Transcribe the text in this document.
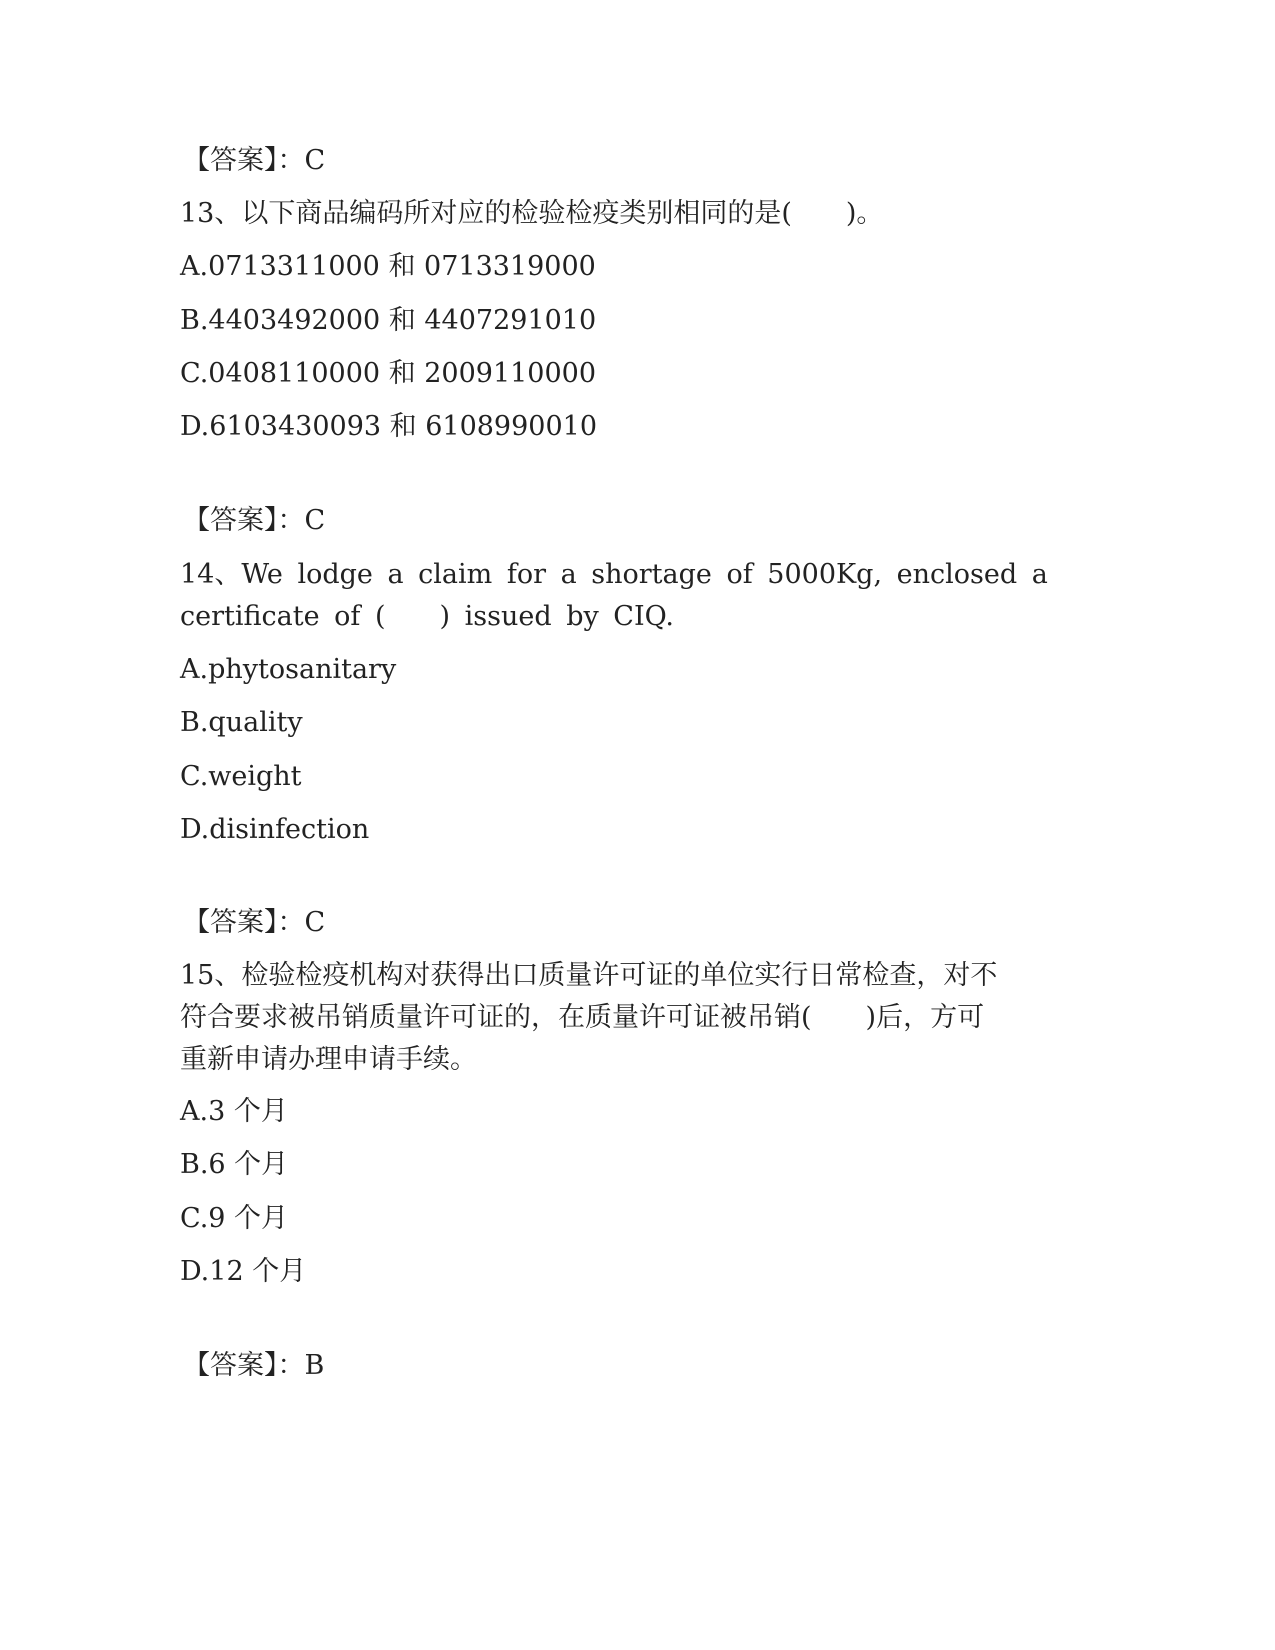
【答案】：C

13、以下商品编码所对应的检验检疫类别相同的是(　　)。

A.0713311000 和 0713319000

B.4403492000 和 4407291010

C.0408110000 和 2009110000

D.6103430093 和 6108990010

【答案】：C

14、We lodge a claim for a shortage of 5000Kg, enclosed a

certificate of (　　) issued by CIQ.

A.phytosanitary

B.quality

C.weight

D.disinfection

【答案】：C

15、检验检疫机构对获得出口质量许可证的单位实行日常检查，对不

符合要求被吊销质量许可证的，在质量许可证被吊销(　　)后，方可

重新申请办理申请手续。

A.3 个月

B.6 个月

C.9 个月

D.12 个月

【答案】：B
